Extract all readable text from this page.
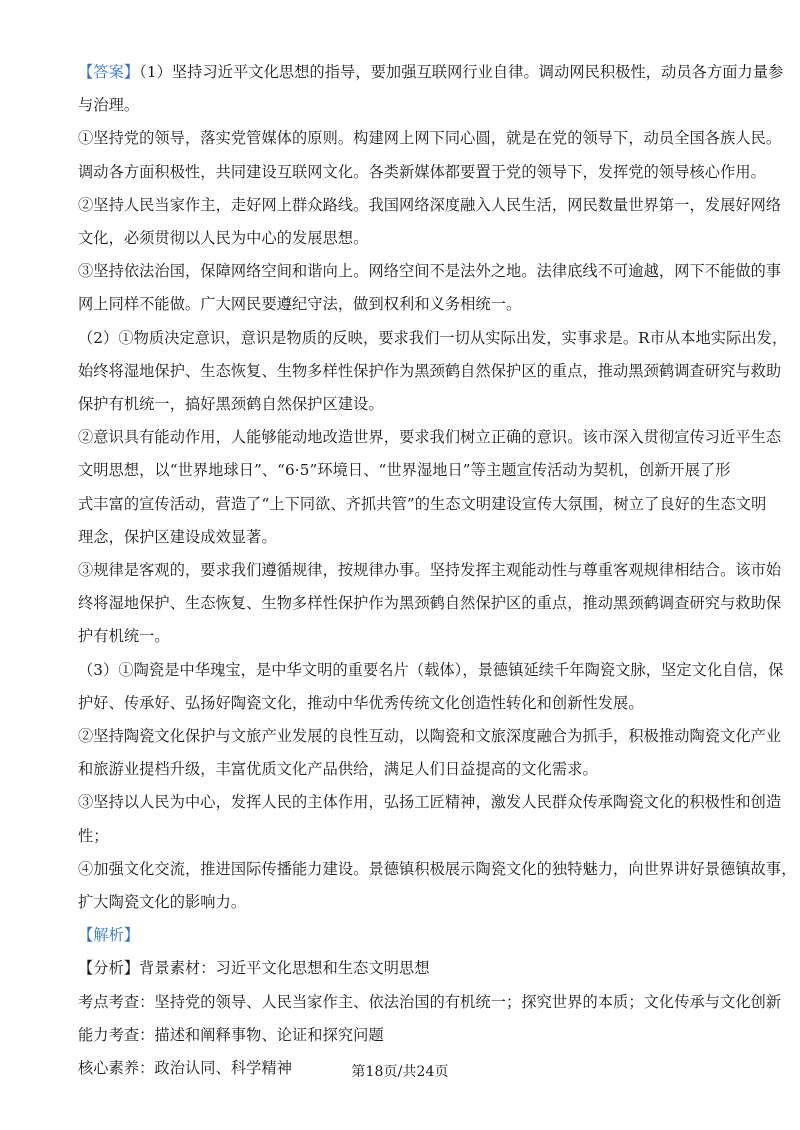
【答案】（1）坚持习近平文化思想的指导，要加强互联网行业自律。调动网民积极性，动员各方面力量参
与治理。
①坚持党的领导，落实党管媒体的原则。构建网上网下同心圆，就是在党的领导下，动员全国各族人民。
调动各方面积极性，共同建设互联网文化。各类新媒体都要置于党的领导下，发挥党的领导核心作用。
②坚持人民当家作主，走好网上群众路线。我国网络深度融入人民生活，网民数量世界第一，发展好网络
文化，必须贯彻以人民为中心的发展思想。
③坚持依法治国，保障网络空间和谐向上。网络空间不是法外之地。法律底线不可逾越，网下不能做的事
网上同样不能做。广大网民要遵纪守法，做到权利和义务相统一。
（2）①物质决定意识，意识是物质的反映，要求我们一切从实际出发，实事求是。R市从本地实际出发，
始终将湿地保护、生态恢复、生物多样性保护作为黑颈鹤自然保护区的重点，推动黑颈鹤调查研究与救助
保护有机统一，搞好黑颈鹤自然保护区建设。
②意识具有能动作用，人能够能动地改造世界，要求我们树立正确的意识。该市深入贯彻宣传习近平生态
文明思想，以“世界地球日”、“6·5”环境日、“世界湿地日”等主题宣传活动为契机，创新开展了形
式丰富的宣传活动，营造了“上下同欲、齐抓共管”的生态文明建设宣传大氛围，树立了良好的生态文明
理念，保护区建设成效显著。
③规律是客观的，要求我们遵循规律，按规律办事。坚持发挥主观能动性与尊重客观规律相结合。该市始
终将湿地保护、生态恢复、生物多样性保护作为黑颈鹤自然保护区的重点，推动黑颈鹤调查研究与救助保
护有机统一。
（3）①陶瓷是中华瑰宝，是中华文明的重要名片（载体），景德镇延续千年陶瓷文脉，坚定文化自信，保
护好、传承好、弘扬好陶瓷文化，推动中华优秀传统文化创造性转化和创新性发展。
②坚持陶瓷文化保护与文旅产业发展的良性互动，以陶瓷和文旅深度融合为抓手，积极推动陶瓷文化产业
和旅游业提档升级，丰富优质文化产品供给，满足人们日益提高的文化需求。
③坚持以人民为中心，发挥人民的主体作用，弘扬工匠精神，激发人民群众传承陶瓷文化的积极性和创造
性；
④加强文化交流，推进国际传播能力建设。景德镇积极展示陶瓷文化的独特魅力，向世界讲好景德镇故事，
扩大陶瓷文化的影响力。
【解析】
【分析】背景素材：习近平文化思想和生态文明思想
考点考查：坚持党的领导、人民当家作主、依法治国的有机统一；探究世界的本质；文化传承与文化创新
能力考查：描述和阐释事物、论证和探究问题
核心素养：政治认同、科学精神	第18页/共24页
